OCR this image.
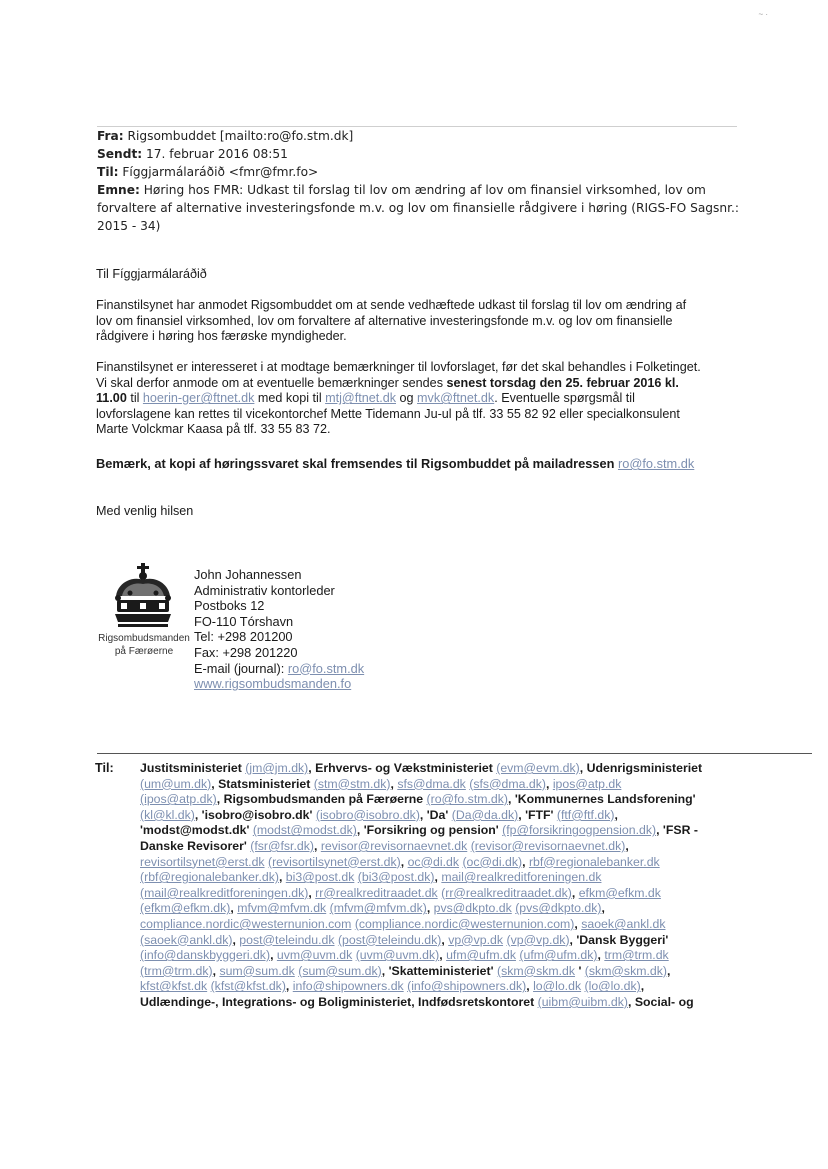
~ ·
Fra: Rigsombuddet [mailto:ro@fo.stm.dk]
Sendt: 17. februar 2016 08:51
Til: Fíggjarmálaráðið <fmr@fmr.fo>
Emne: Høring hos FMR: Udkast til forslag til lov om ændring af lov om finansiel virksomhed, lov om
forvaltere af alternative investeringsfonde m.v. og lov om finansielle rådgivere i høring (RIGS-FO Sagsnr.:
2015 - 34)
Til Fíggjarmálaráðið
Finanstilsynet har anmodet Rigsombuddet om at sende vedhæftede udkast til forslag til lov om ændring af
lov om finansiel virksomhed, lov om forvaltere af alternative investeringsfonde m.v. og lov om finansielle
rådgivere i høring hos færøske myndigheder.
Finanstilsynet er interesseret i at modtage bemærkninger til lovforslaget, før det skal behandles i Folketinget.
Vi skal derfor anmode om at eventuelle bemærkninger sendes senest torsdag den 25. februar 2016 kl.
11.00 til hoerin-ger@ftnet.dk med kopi til mtj@ftnet.dk og mvk@ftnet.dk. Eventuelle spørgsmål til
lovforslagene kan rettes til vicekontorchef Mette Tidemann Ju-ul på tlf. 33 55 82 92 eller specialkonsulent
Marte Volckmar Kaasa på tlf. 33 55 83 72.
Bemærk, at kopi af høringssvaret skal fremsendes til Rigsombuddet på mailadressen ro@fo.stm.dk
Med venlig hilsen
Rigsombudsmanden
på Færøerne
John Johannessen
Administrativ kontorleder
Postboks 12
FO-110 Tórshavn
Tel: +298 201200
Fax: +298 201220
E-mail (journal): ro@fo.stm.dk
www.rigsombudsmanden.fo
Til: Justitsministeriet (jm@jm.dk), Erhvervs- og Vækstministeriet (evm@evm.dk), Udenrigsministeriet
(um@um.dk), Statsministeriet (stm@stm.dk), sfs@dma.dk (sfs@dma.dk), ipos@atp.dk
(ipos@atp.dk), Rigsombudsmanden på Færøerne (ro@fo.stm.dk), 'Kommunernes Landsforening'
(kl@kl.dk), 'isobro@isobro.dk' (isobro@isobro.dk), 'Da' (Da@da.dk), 'FTF' (ftf@ftf.dk),
'modst@modst.dk' (modst@modst.dk), 'Forsikring og pension' (fp@forsikringogpension.dk), 'FSR -
Danske Revisorer' (fsr@fsr.dk), revisor@revisornaevnet.dk (revisor@revisornaevnet.dk),
revisortilsynet@erst.dk (revisortilsynet@erst.dk), oc@di.dk (oc@di.dk), rbf@regionalebanker.dk
(rbf@regionalebanker.dk), bi3@post.dk (bi3@post.dk), mail@realkreditforeningen.dk
(mail@realkreditforeningen.dk), rr@realkreditraadet.dk (rr@realkreditraadet.dk), efkm@efkm.dk
(efkm@efkm.dk), mfvm@mfvm.dk (mfvm@mfvm.dk), pvs@dkpto.dk (pvs@dkpto.dk),
compliance.nordic@westernunion.com (compliance.nordic@westernunion.com), saoek@ankl.dk
(saoek@ankl.dk), post@teleindu.dk (post@teleindu.dk), vp@vp.dk (vp@vp.dk), 'Dansk Byggeri'
(info@danskbyggeri.dk), uvm@uvm.dk (uvm@uvm.dk), ufm@ufm.dk (ufm@ufm.dk), trm@trm.dk
(trm@trm.dk), sum@sum.dk (sum@sum.dk), 'Skatteministeriet' (skm@skm.dk ' (skm@skm.dk),
kfst@kfst.dk (kfst@kfst.dk), info@shipowners.dk (info@shipowners.dk), lo@lo.dk (lo@lo.dk),
Udlændinge-, Integrations- og Boligministeriet, Indfødsretskontoret (uibm@uibm.dk), Social- og
